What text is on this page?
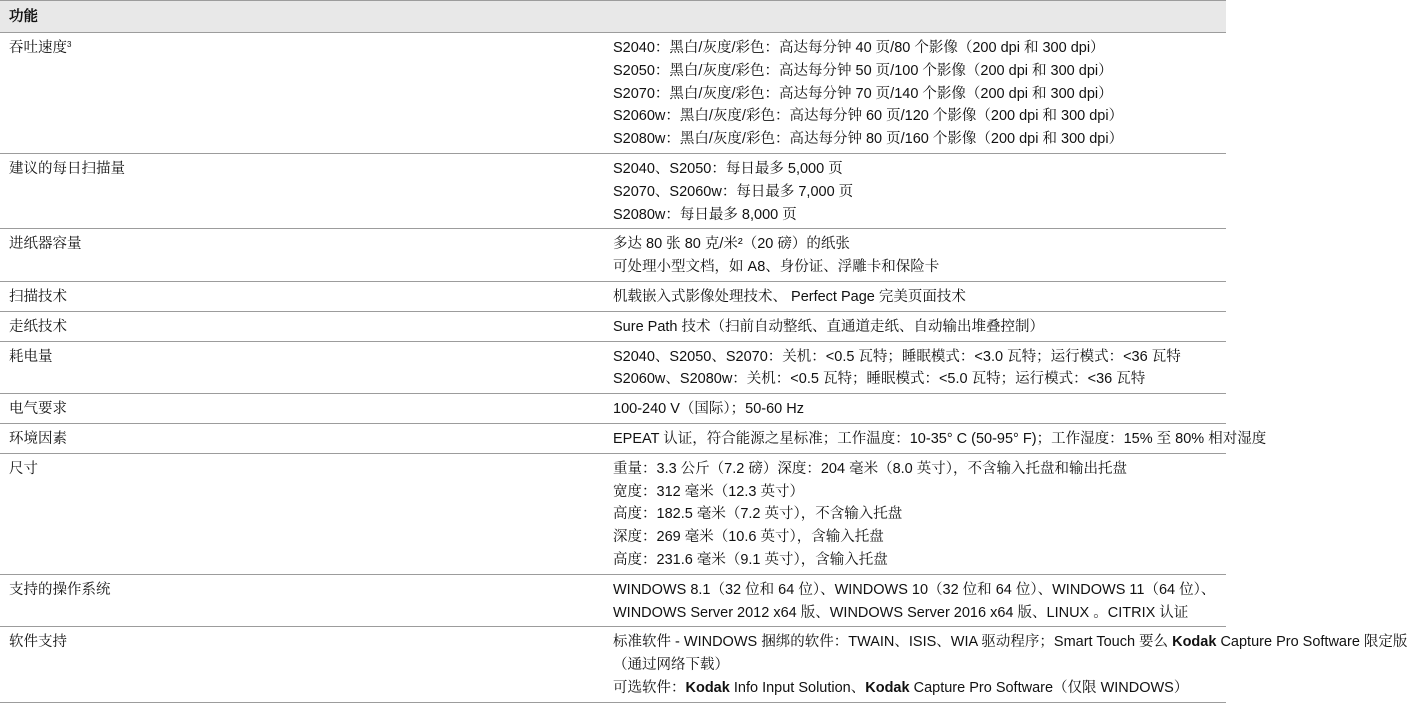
功能	
吞吐速度$^3$	S2040：黑白/灰度/彩色：高达每分钟 40 页/80 个影像（200 dpi 和 300 dpi）
S2050：黑白/灰度/彩色：高达每分钟 50 页/100 个影像（200 dpi 和 300 dpi）
S2070：黑白/灰度/彩色：高达每分钟 70 页/140 个影像（200 dpi 和 300 dpi）
S2060w：黑白/灰度/彩色：高达每分钟 60 页/120 个影像（200 dpi 和 300 dpi）
S2080w：黑白/灰度/彩色：高达每分钟 80 页/160 个影像（200 dpi 和 300 dpi）

建议的每日扫描量	S2040、S2050：每日最多 5,000 页
S2070、S2060w：每日最多 7,000 页
S2080w：每日最多 8,000 页

进纸器容量	多达 80 张 80 克/米²（20 磅）的纸张
可处理小型文档，如 A8、身份证、浮雕卡和保险卡

扫描技术	机载嵌入式影像处理技术、 Perfect Page 完美页面技术

走纸技术	Sure Path 技术（扫前自动整纸、直通道走纸、自动输出堆叠控制）

耗电量	S2040、S2050、S2070：关机：<0.5 瓦特；睡眠模式：<3.0 瓦特；运行模式：<36 瓦特
S2060w、S2080w：关机：<0.5 瓦特；睡眠模式：<5.0 瓦特；运行模式：<36 瓦特

电气要求	100-240 V（国际）；50-60 Hz

环境因素	EPEAT 认证，符合能源之星标准；工作温度：10-35° C (50-95° F)；工作湿度：15% 至 80% 相对湿度

尺寸	重量：3.3 公斤（7.2 磅）深度：204 毫米（8.0 英寸），不含输入托盘和输出托盘
宽度：312 毫米（12.3 英寸）
高度：182.5 毫米（7.2 英寸），不含输入托盘
深度：269 毫米（10.6 英寸），含输入托盘
高度：231.6 毫米（9.1 英寸），含输入托盘

支持的操作系统	WINDOWS 8.1（32 位和 64 位）、WINDOWS 10（32 位和 64 位）、WINDOWS 11（64 位）、
WINDOWS Server 2012 x64 版、WINDOWS Server 2016 x64 版、LINUX 。CITRIX 认证

软件支持	标准软件 - WINDOWS 捆绑的软件：TWAIN、ISIS、WIA 驱动程序；Smart Touch 要么 Kodak Capture Pro Software 限定版
（通过网络下载）
可选软件：Kodak Info Input Solution、Kodak Capture Pro Software（仅限 WINDOWS）
